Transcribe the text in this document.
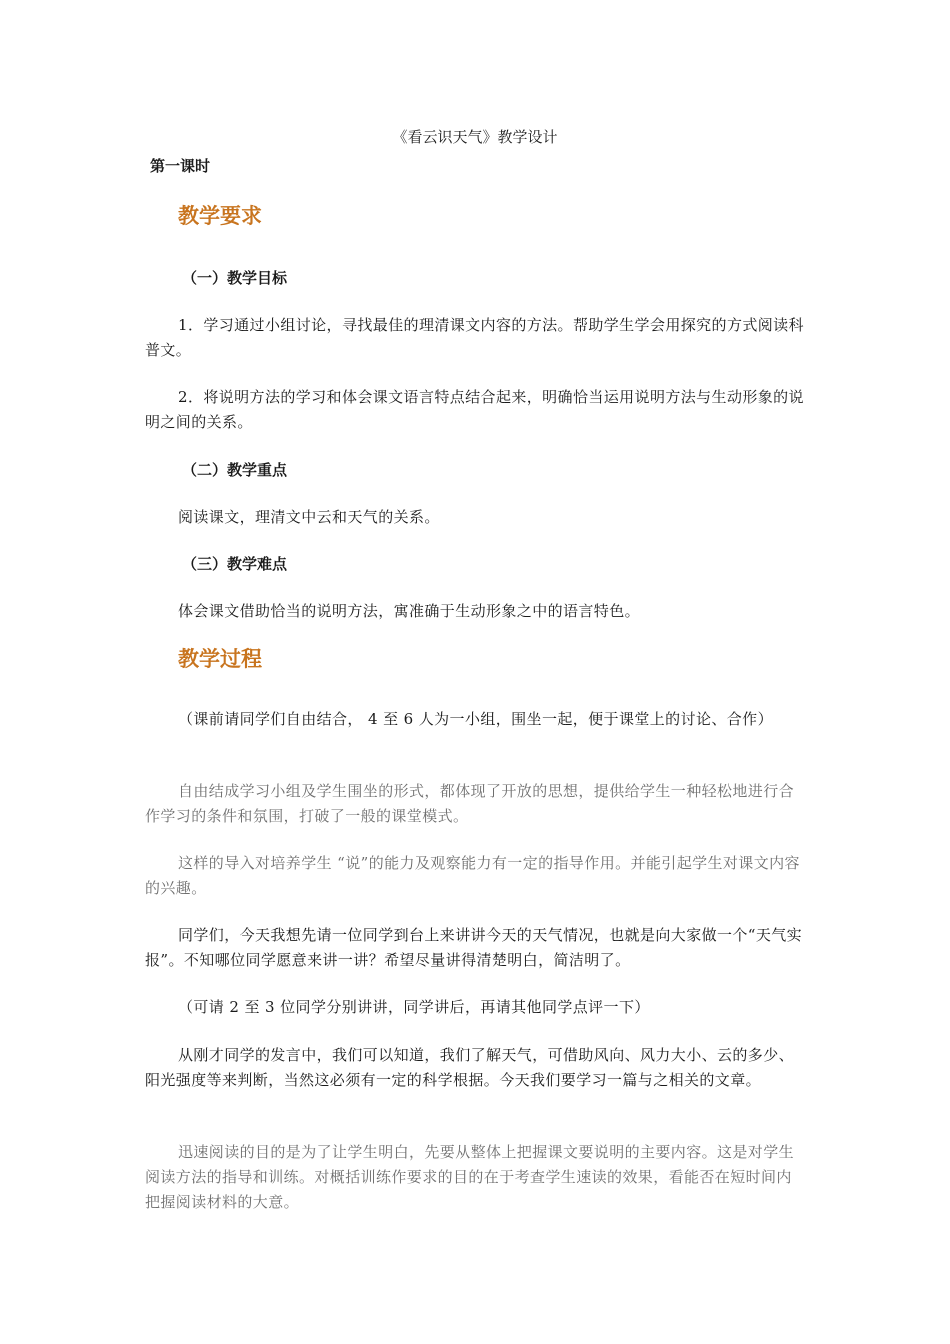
《看云识天气》教学设计
第一课时
教学要求
（一）教学目标

1．学习通过小组讨论，寻找最佳的理清课文内容的方法。帮助学生学会用探究的方式阅读科普文。

2．将说明方法的学习和体会课文语言特点结合起来，明确恰当运用说明方法与生动形象的说明之间的关系。

（二）教学重点

阅读课文，理清文中云和天气的关系。

（三）教学难点

体会课文借助恰当的说明方法，寓准确于生动形象之中的语言特色。

教学过程

（课前请同学们自由结合， 4 至 6 人为一小组，围坐一起，便于课堂上的讨论、合作）

自由结成学习小组及学生围坐的形式，都体现了开放的思想，提供给学生一种轻松地进行合作学习的条件和氛围，打破了一般的课堂模式。

这样的导入对培养学生 “说”的能力及观察能力有一定的指导作用。并能引起学生对课文内容的兴趣。

同学们，今天我想先请一位同学到台上来讲讲今天的天气情况，也就是向大家做一个“天气实报”。不知哪位同学愿意来讲一讲？希望尽量讲得清楚明白，简洁明了。

（可请 2 至 3 位同学分别讲讲，同学讲后，再请其他同学点评一下）

从刚才同学的发言中，我们可以知道，我们了解天气，可借助风向、风力大小、云的多少、阳光强度等来判断，当然这必须有一定的科学根据。今天我们要学习一篇与之相关的文章。

迅速阅读的目的是为了让学生明白，先要从整体上把握课文要说明的主要内容。这是对学生阅读方法的指导和训练。对概括训练作要求的目的在于考查学生速读的效果，看能否在短时间内把握阅读材料的大意。
